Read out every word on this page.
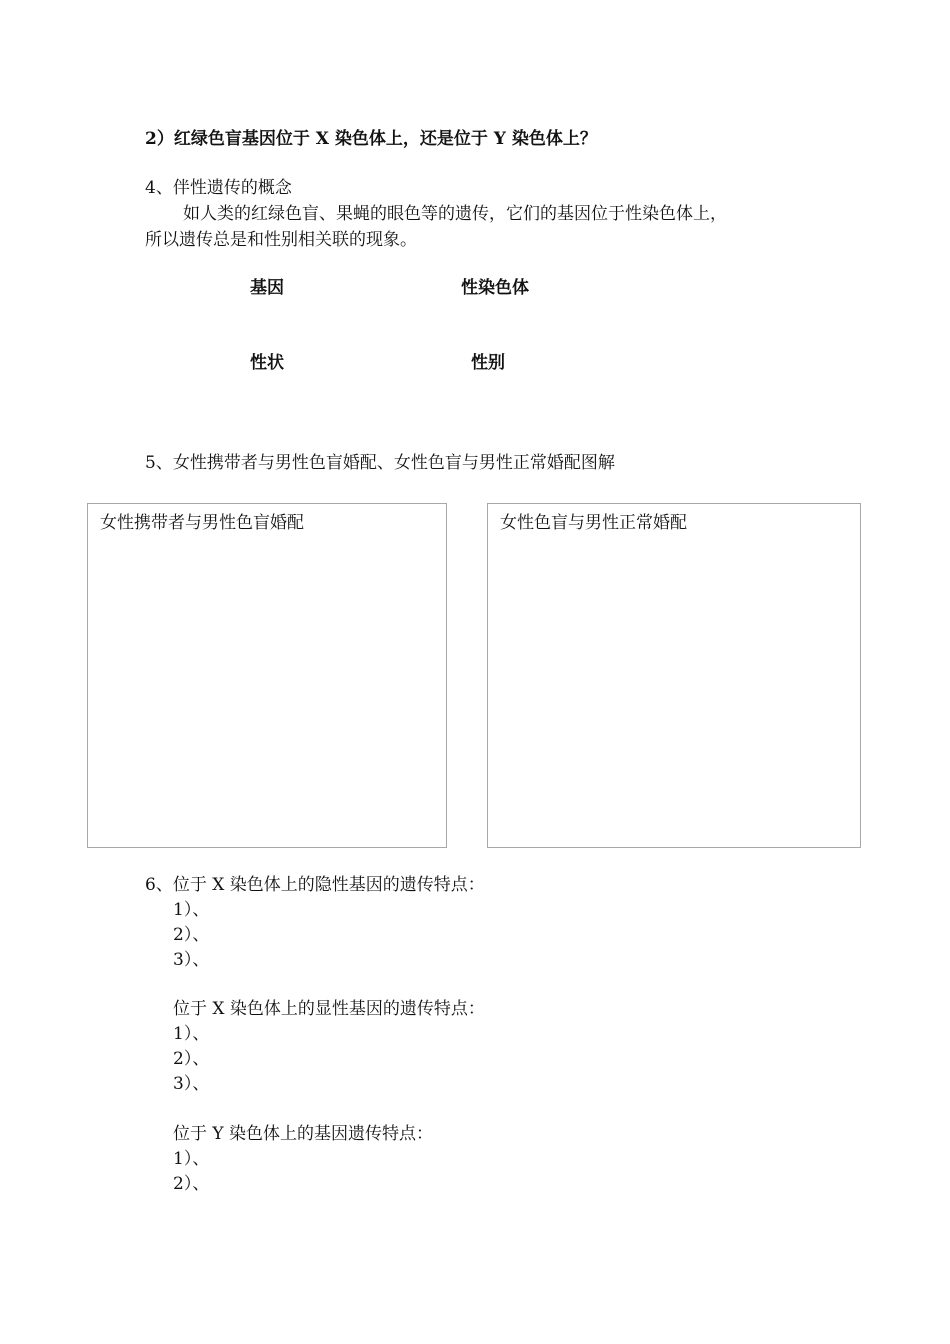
2）红绿色盲基因位于 X 染色体上，还是位于 Y 染色体上？
4、伴性遗传的概念
如人类的红绿色盲、果蝇的眼色等的遗传，它们的基因位于性染色体上，
所以遗传总是和性别相关联的现象。
基因	性染色体
性状	性别
5、女性携带者与男性色盲婚配、女性色盲与男性正常婚配图解
女性携带者与男性色盲婚配	女性色盲与男性正常婚配
6、位于 X 染色体上的隐性基因的遗传特点：
1）、
2）、
3）、
位于 X 染色体上的显性基因的遗传特点：
1）、
2）、
3）、
位于 Y 染色体上的基因遗传特点：
1）、
2）、
